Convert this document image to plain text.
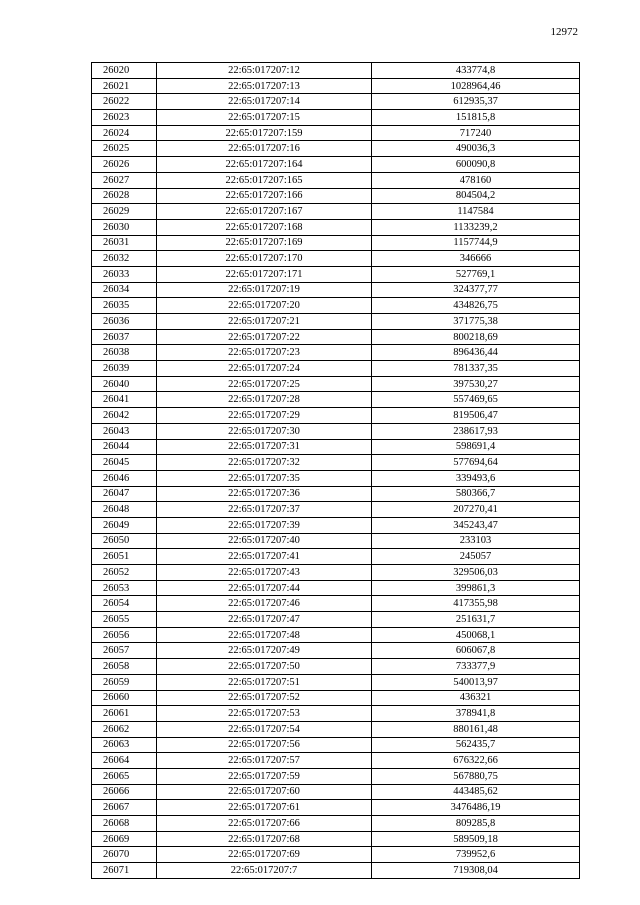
12972
26020	22:65:017207:12	433774,8
26021	22:65:017207:13	1028964,46
26022	22:65:017207:14	612935,37
26023	22:65:017207:15	151815,8
26024	22:65:017207:159	717240
26025	22:65:017207:16	490036,3
26026	22:65:017207:164	600090,8
26027	22:65:017207:165	478160
26028	22:65:017207:166	804504,2
26029	22:65:017207:167	1147584
26030	22:65:017207:168	1133239,2
26031	22:65:017207:169	1157744,9
26032	22:65:017207:170	346666
26033	22:65:017207:171	527769,1
26034	22:65:017207:19	324377,77
26035	22:65:017207:20	434826,75
26036	22:65:017207:21	371775,38
26037	22:65:017207:22	800218,69
26038	22:65:017207:23	896436,44
26039	22:65:017207:24	781337,35
26040	22:65:017207:25	397530,27
26041	22:65:017207:28	557469,65
26042	22:65:017207:29	819506,47
26043	22:65:017207:30	238617,93
26044	22:65:017207:31	598691,4
26045	22:65:017207:32	577694,64
26046	22:65:017207:35	339493,6
26047	22:65:017207:36	580366,7
26048	22:65:017207:37	207270,41
26049	22:65:017207:39	345243,47
26050	22:65:017207:40	233103
26051	22:65:017207:41	245057
26052	22:65:017207:43	329506,03
26053	22:65:017207:44	399861,3
26054	22:65:017207:46	417355,98
26055	22:65:017207:47	251631,7
26056	22:65:017207:48	450068,1
26057	22:65:017207:49	606067,8
26058	22:65:017207:50	733377,9
26059	22:65:017207:51	540013,97
26060	22:65:017207:52	436321
26061	22:65:017207:53	378941,8
26062	22:65:017207:54	880161,48
26063	22:65:017207:56	562435,7
26064	22:65:017207:57	676322,66
26065	22:65:017207:59	567880,75
26066	22:65:017207:60	443485,62
26067	22:65:017207:61	3476486,19
26068	22:65:017207:66	809285,8
26069	22:65:017207:68	589509,18
26070	22:65:017207:69	739952,6
26071	22:65:017207:7	719308,04
